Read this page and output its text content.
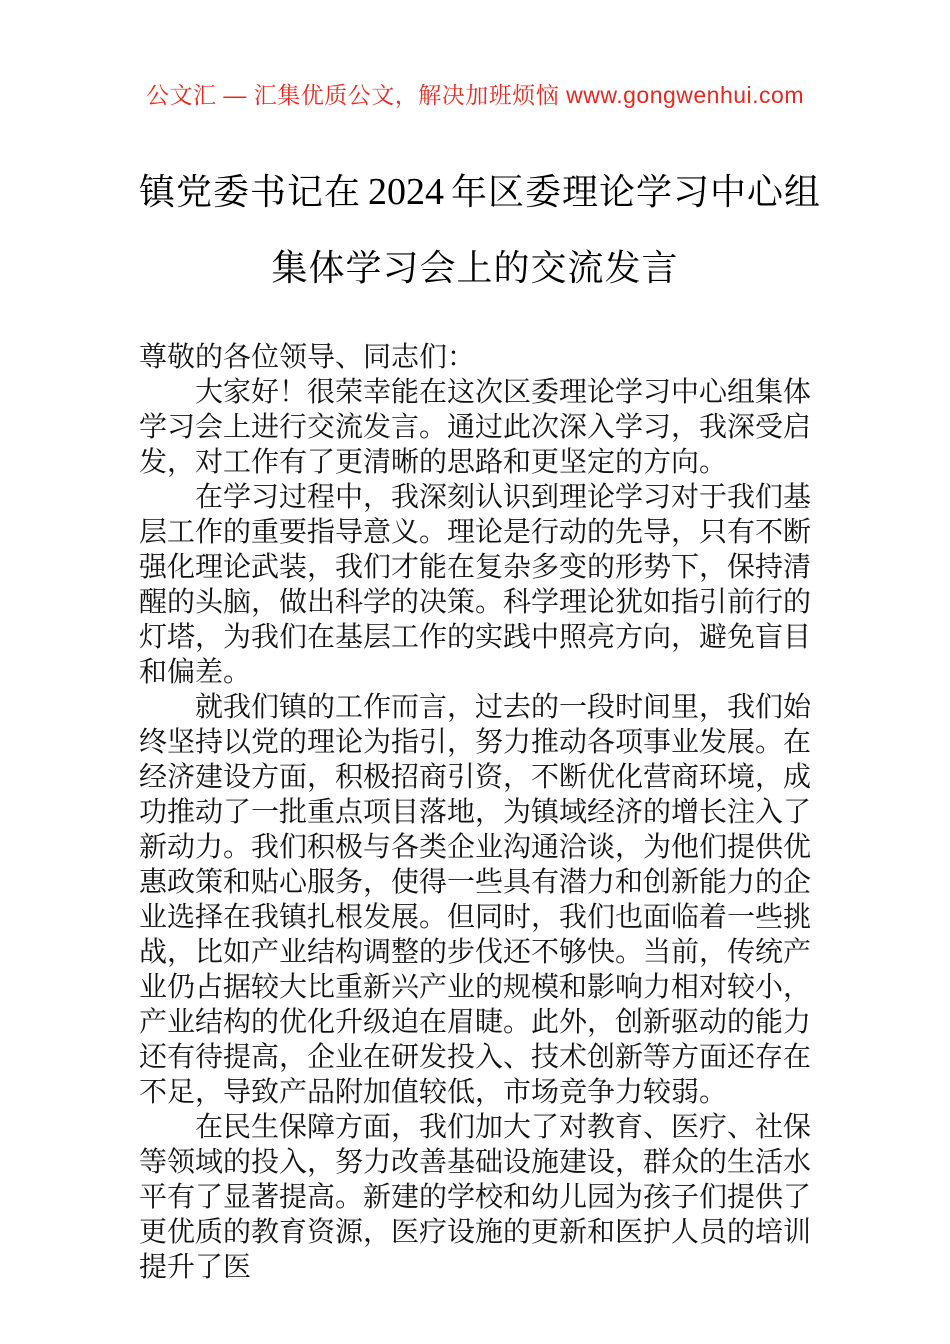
公文汇 — 汇集优质公文，解决加班烦恼 www.gongwenhui.com
镇党委书记在 2024 年区委理论学习中心组
集体学习会上的交流发言

尊敬的各位领导、同志们：

大家好！很荣幸能在这次区委理论学习中心组集体学习会上进行交流发言。通过此次深入学习，我深受启发，对工作有了更清晰的思路和更坚定的方向。

在学习过程中，我深刻认识到理论学习对于我们基层工作的重要指导意义。理论是行动的先导，只有不断强化理论武装，我们才能在复杂多变的形势下，保持清醒的头脑，做出科学的决策。科学理论犹如指引前行的灯塔，为我们在基层工作的实践中照亮方向，避免盲目和偏差。

就我们镇的工作而言，过去的一段时间里，我们始终坚持以党的理论为指引，努力推动各项事业发展。在经济建设方面，积极招商引资，不断优化营商环境，成功推动了一批重点项目落地，为镇域经济的增长注入了新动力。我们积极与各类企业沟通洽谈，为他们提供优惠政策和贴心服务，使得一些具有潜力和创新能力的企业选择在我镇扎根发展。但同时，我们也面临着一些挑战，比如产业结构调整的步伐还不够快。当前，传统产业仍占据较大比重新兴产业的规模和影响力相对较小，产业结构的优化升级迫在眉睫。此外，创新驱动的能力还有待提高，企业在研发投入、技术创新等方面还存在不足，导致产品附加值较低，市场竞争力较弱。

在民生保障方面，我们加大了对教育、医疗、社保等领域的投入，努力改善基础设施建设，群众的生活水平有了显著提高。新建的学校和幼儿园为孩子们提供了更优质的教育资源，医疗设施的更新和医护人员的培训提升了医
